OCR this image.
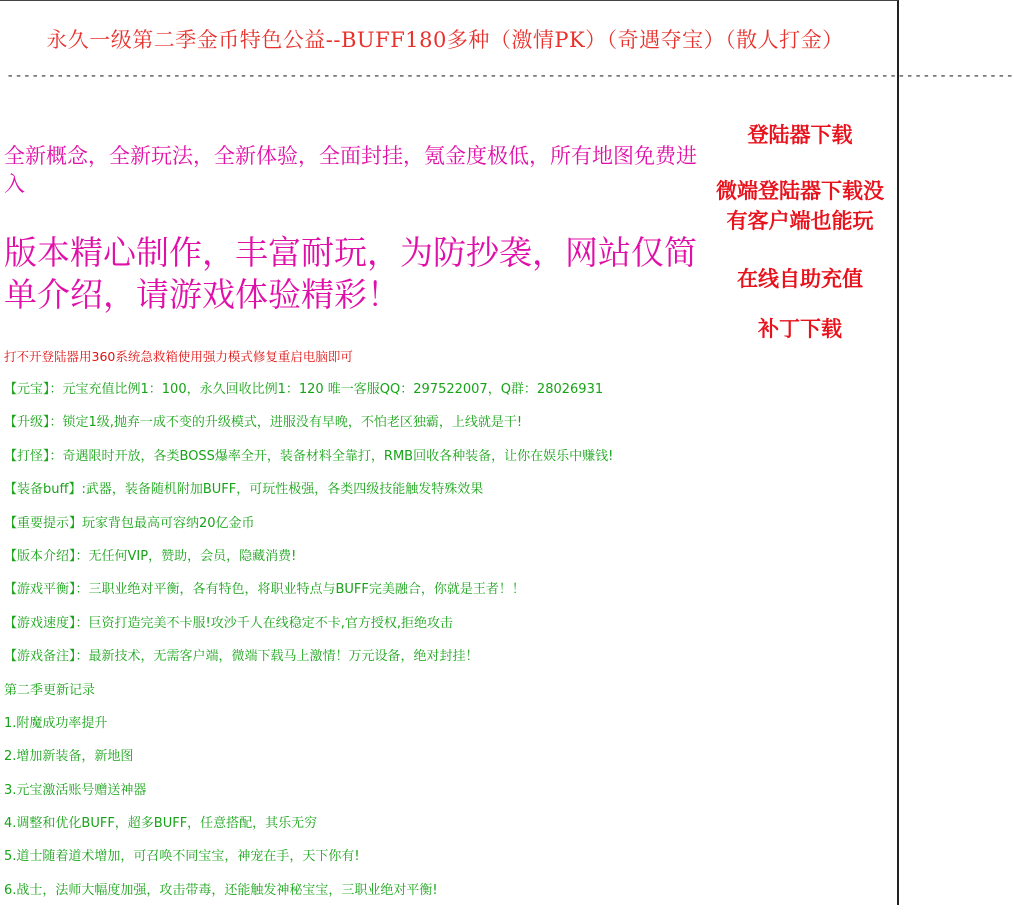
永久一级第二季金币特色公益--BUFF180多种（激情PK）（奇遇夺宝）（散人打金）
-------------------------------------------------------------------------------------------------------------------------
全新概念，全新玩法，全新体验，全面封挂，氪金度极低，所有地图免费进入
版本精心制作，丰富耐玩，为防抄袭，网站仅简单介绍，请游戏体验精彩！
打不开登陆器用360系统急救箱使用强力模式修复重启电脑即可
【元宝】：元宝充值比例1：100，永久回收比例1：120 唯一客服QQ：297522007，Q群：28026931
【升级】：锁定1级,抛弃一成不变的升级模式，进服没有早晚，不怕老区独霸，上线就是干!
【打怪】：奇遇限时开放，各类BOSS爆率全开，装备材料全靠打，RMB回收各种装备，让你在娱乐中赚钱!
【装备buff】:武器，装备随机附加BUFF，可玩性极强，各类四级技能触发特殊效果
【重要提示】玩家背包最高可容纳20亿金币
【版本介绍】：无任何VIP，赞助，会员，隐藏消费!
【游戏平衡】：三职业绝对平衡，各有特色，将职业特点与BUFF完美融合，你就是王者！！
【游戏速度】：巨资打造完美不卡服!攻沙千人在线稳定不卡,官方授权,拒绝攻击
【游戏备注】：最新技术，无需客户端，微端下载马上激情！万元设备，绝对封挂！
第二季更新记录
1.附魔成功率提升
2.增加新装备，新地图
3.元宝激活账号赠送神器
4.调整和优化BUFF，超多BUFF，任意搭配，其乐无穷
5.道士随着道术增加，可召唤不同宝宝，神宠在手，天下你有!
6.战士，法师大幅度加强，攻击带毒，还能触发神秘宝宝，三职业绝对平衡!
登陆器下载
微端登陆器下载没有客户端也能玩
在线自助充值
补丁下载
